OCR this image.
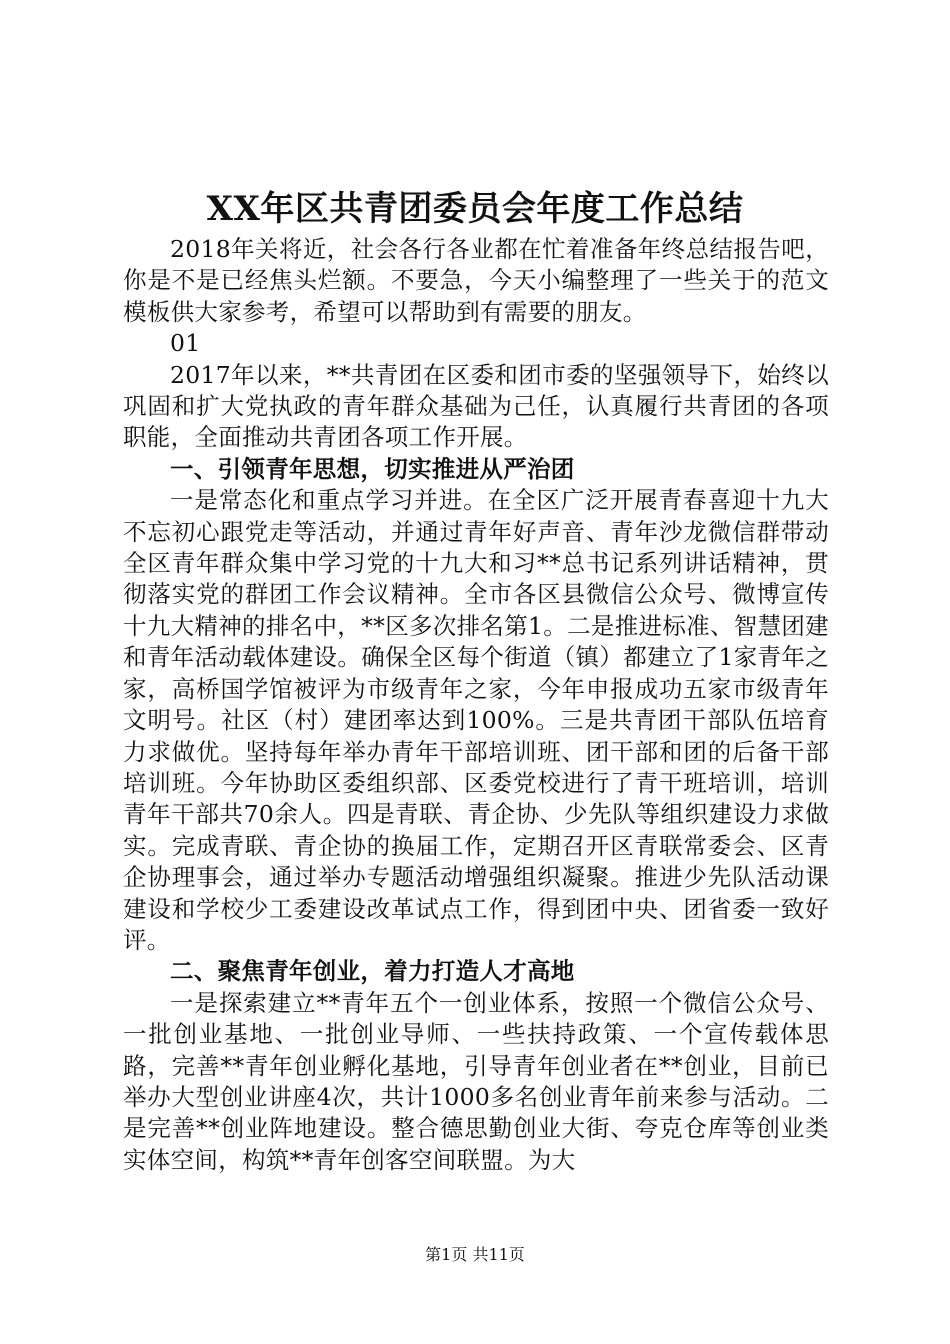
XX年区共青团委员会年度工作总结

2018年关将近，社会各行各业都在忙着准备年终总结报告吧，你是不是已经焦头烂额。不要急，今天小编整理了一些关于的范文模板供大家参考，希望可以帮助到有需要的朋友。

01

2017年以来，**共青团在区委和团市委的坚强领导下，始终以巩固和扩大党执政的青年群众基础为己任，认真履行共青团的各项职能，全面推动共青团各项工作开展。

一、引领青年思想，切实推进从严治团

一是常态化和重点学习并进。在全区广泛开展青春喜迎十九大不忘初心跟党走等活动，并通过青年好声音、青年沙龙微信群带动全区青年群众集中学习党的十九大和习**总书记系列讲话精神，贯彻落实党的群团工作会议精神。全市各区县微信公众号、微博宣传十九大精神的排名中，**区多次排名第1。二是推进标准、智慧团建和青年活动载体建设。确保全区每个街道（镇）都建立了1家青年之家，高桥国学馆被评为市级青年之家，今年申报成功五家市级青年文明号。社区（村）建团率达到100%。三是共青团干部队伍培育力求做优。坚持每年举办青年干部培训班、团干部和团的后备干部培训班。今年协助区委组织部、区委党校进行了青干班培训，培训青年干部共70余人。四是青联、青企协、少先队等组织建设力求做实。完成青联、青企协的换届工作，定期召开区青联常委会、区青企协理事会，通过举办专题活动增强组织凝聚。推进少先队活动课建设和学校少工委建设改革试点工作，得到团中央、团省委一致好评。

二、聚焦青年创业，着力打造人才高地

一是探索建立**青年五个一创业体系，按照一个微信公众号、一批创业基地、一批创业导师、一些扶持政策、一个宣传载体思路，完善**青年创业孵化基地，引导青年创业者在**创业，目前已举办大型创业讲座4次，共计1000多名创业青年前来参与活动。二是完善**创业阵地建设。整合德思勤创业大街、夸克仓库等创业类实体空间，构筑**青年创客空间联盟。为大

第1页 共11页
